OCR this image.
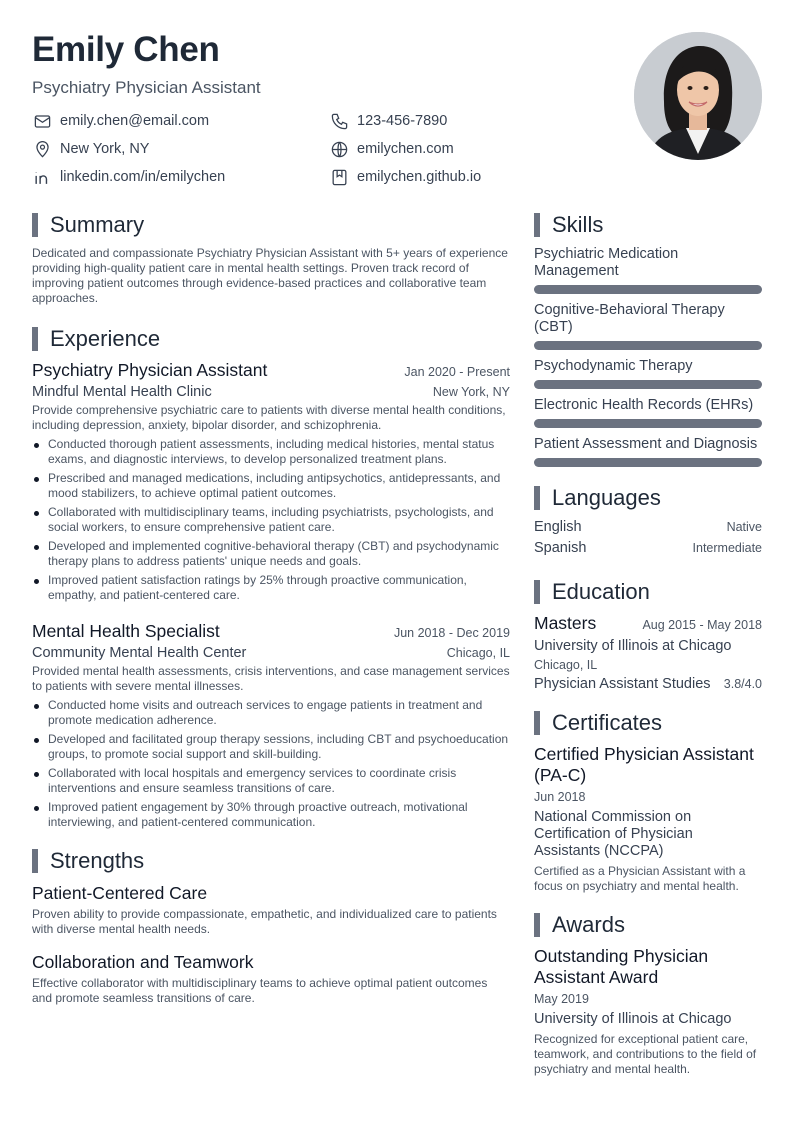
Emily Chen
Psychiatry Physician Assistant
emily.chen@email.com	123-456-7890
New York, NY	emilychen.com
linkedin.com/in/emilychen	emilychen.github.io
Summary
Dedicated and compassionate Psychiatry Physician Assistant with 5+ years of experience providing high-quality patient care in mental health settings. Proven track record of improving patient outcomes through evidence-based practices and collaborative team approaches.
Experience
Psychiatry Physician Assistant	Jan 2020 - Present
Mindful Mental Health Clinic	New York, NY
Provide comprehensive psychiatric care to patients with diverse mental health conditions, including depression, anxiety, bipolar disorder, and schizophrenia.
Conducted thorough patient assessments, including medical histories, mental status exams, and diagnostic interviews, to develop personalized treatment plans.
Prescribed and managed medications, including antipsychotics, antidepressants, and mood stabilizers, to achieve optimal patient outcomes.
Collaborated with multidisciplinary teams, including psychiatrists, psychologists, and social workers, to ensure comprehensive patient care.
Developed and implemented cognitive-behavioral therapy (CBT) and psychodynamic therapy plans to address patients' unique needs and goals.
Improved patient satisfaction ratings by 25% through proactive communication, empathy, and patient-centered care.
Mental Health Specialist	Jun 2018 - Dec 2019
Community Mental Health Center	Chicago, IL
Provided mental health assessments, crisis interventions, and case management services to patients with severe mental illnesses.
Conducted home visits and outreach services to engage patients in treatment and promote medication adherence.
Developed and facilitated group therapy sessions, including CBT and psychoeducation groups, to promote social support and skill-building.
Collaborated with local hospitals and emergency services to coordinate crisis interventions and ensure seamless transitions of care.
Improved patient engagement by 30% through proactive outreach, motivational interviewing, and patient-centered communication.
Strengths
Patient-Centered Care
Proven ability to provide compassionate, empathetic, and individualized care to patients with diverse mental health needs.
Collaboration and Teamwork
Effective collaborator with multidisciplinary teams to achieve optimal patient outcomes and promote seamless transitions of care.
Skills
Psychiatric Medication Management
Cognitive-Behavioral Therapy (CBT)
Psychodynamic Therapy
Electronic Health Records (EHRs)
Patient Assessment and Diagnosis
Languages
English	Native
Spanish	Intermediate
Education
Masters	Aug 2015 - May 2018
University of Illinois at Chicago
Chicago, IL
Physician Assistant Studies 3.8/4.0
Certificates
Certified Physician Assistant (PA-C)
Jun 2018
National Commission on Certification of Physician Assistants (NCCPA)
Certified as a Physician Assistant with a focus on psychiatry and mental health.
Awards
Outstanding Physician Assistant Award
May 2019
University of Illinois at Chicago
Recognized for exceptional patient care, teamwork, and contributions to the field of psychiatry and mental health.
